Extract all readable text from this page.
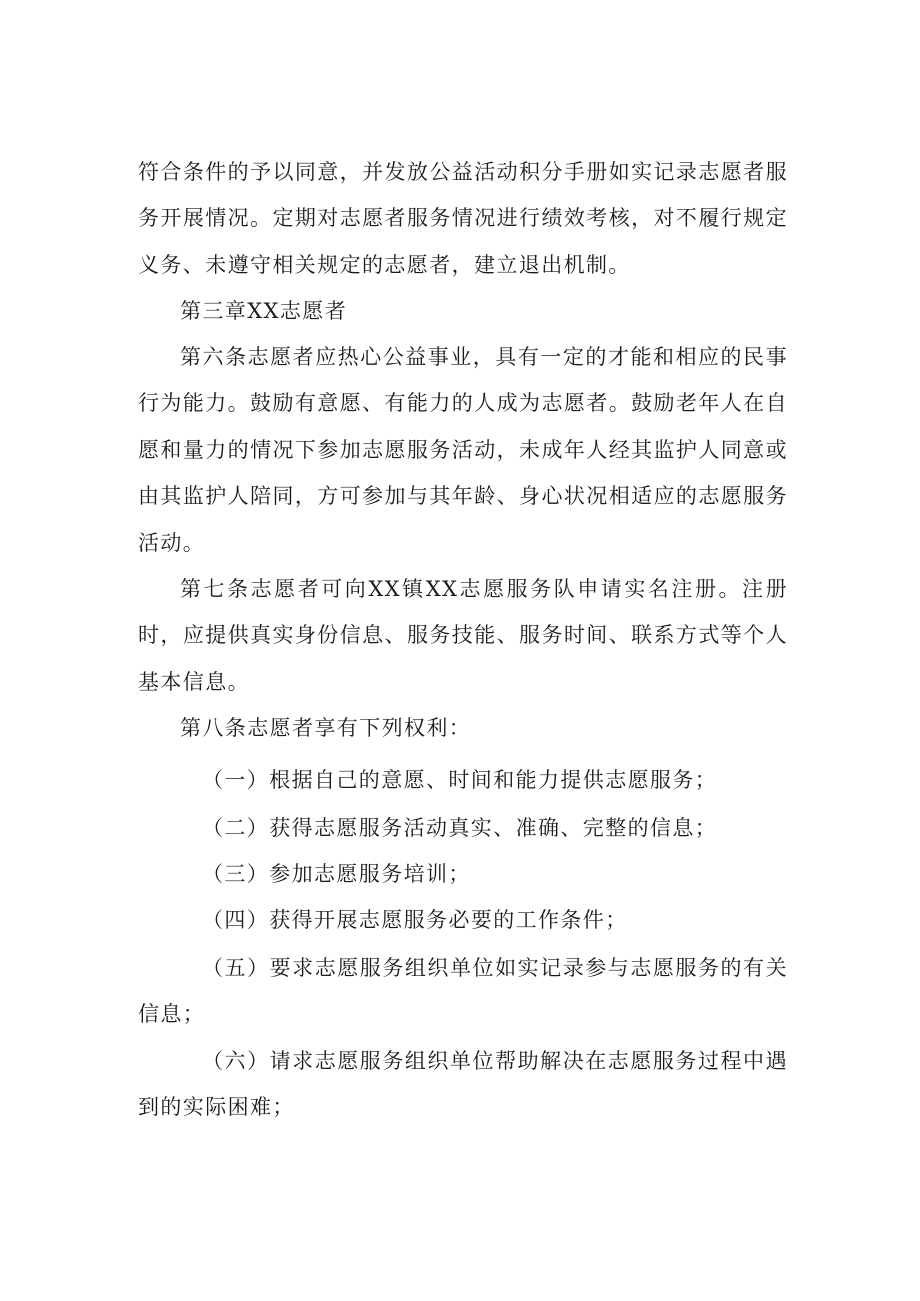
符合条件的予以同意，并发放公益活动积分手册如实记录志愿者服务开展情况。定期对志愿者服务情况进行绩效考核，对不履行规定义务、未遵守相关规定的志愿者，建立退出机制。

第三章XX志愿者

第六条志愿者应热心公益事业，具有一定的才能和相应的民事行为能力。鼓励有意愿、有能力的人成为志愿者。鼓励老年人在自愿和量力的情况下参加志愿服务活动，未成年人经其监护人同意或由其监护人陪同，方可参加与其年龄、身心状况相适应的志愿服务活动。

第七条志愿者可向XX镇XX志愿服务队申请实名注册。注册时，应提供真实身份信息、服务技能、服务时间、联系方式等个人基本信息。

第八条志愿者享有下列权利：

（一）根据自己的意愿、时间和能力提供志愿服务；

（二）获得志愿服务活动真实、准确、完整的信息；

（三）参加志愿服务培训；

（四）获得开展志愿服务必要的工作条件；

（五）要求志愿服务组织单位如实记录参与志愿服务的有关信息；

（六）请求志愿服务组织单位帮助解决在志愿服务过程中遇到的实际困难；
